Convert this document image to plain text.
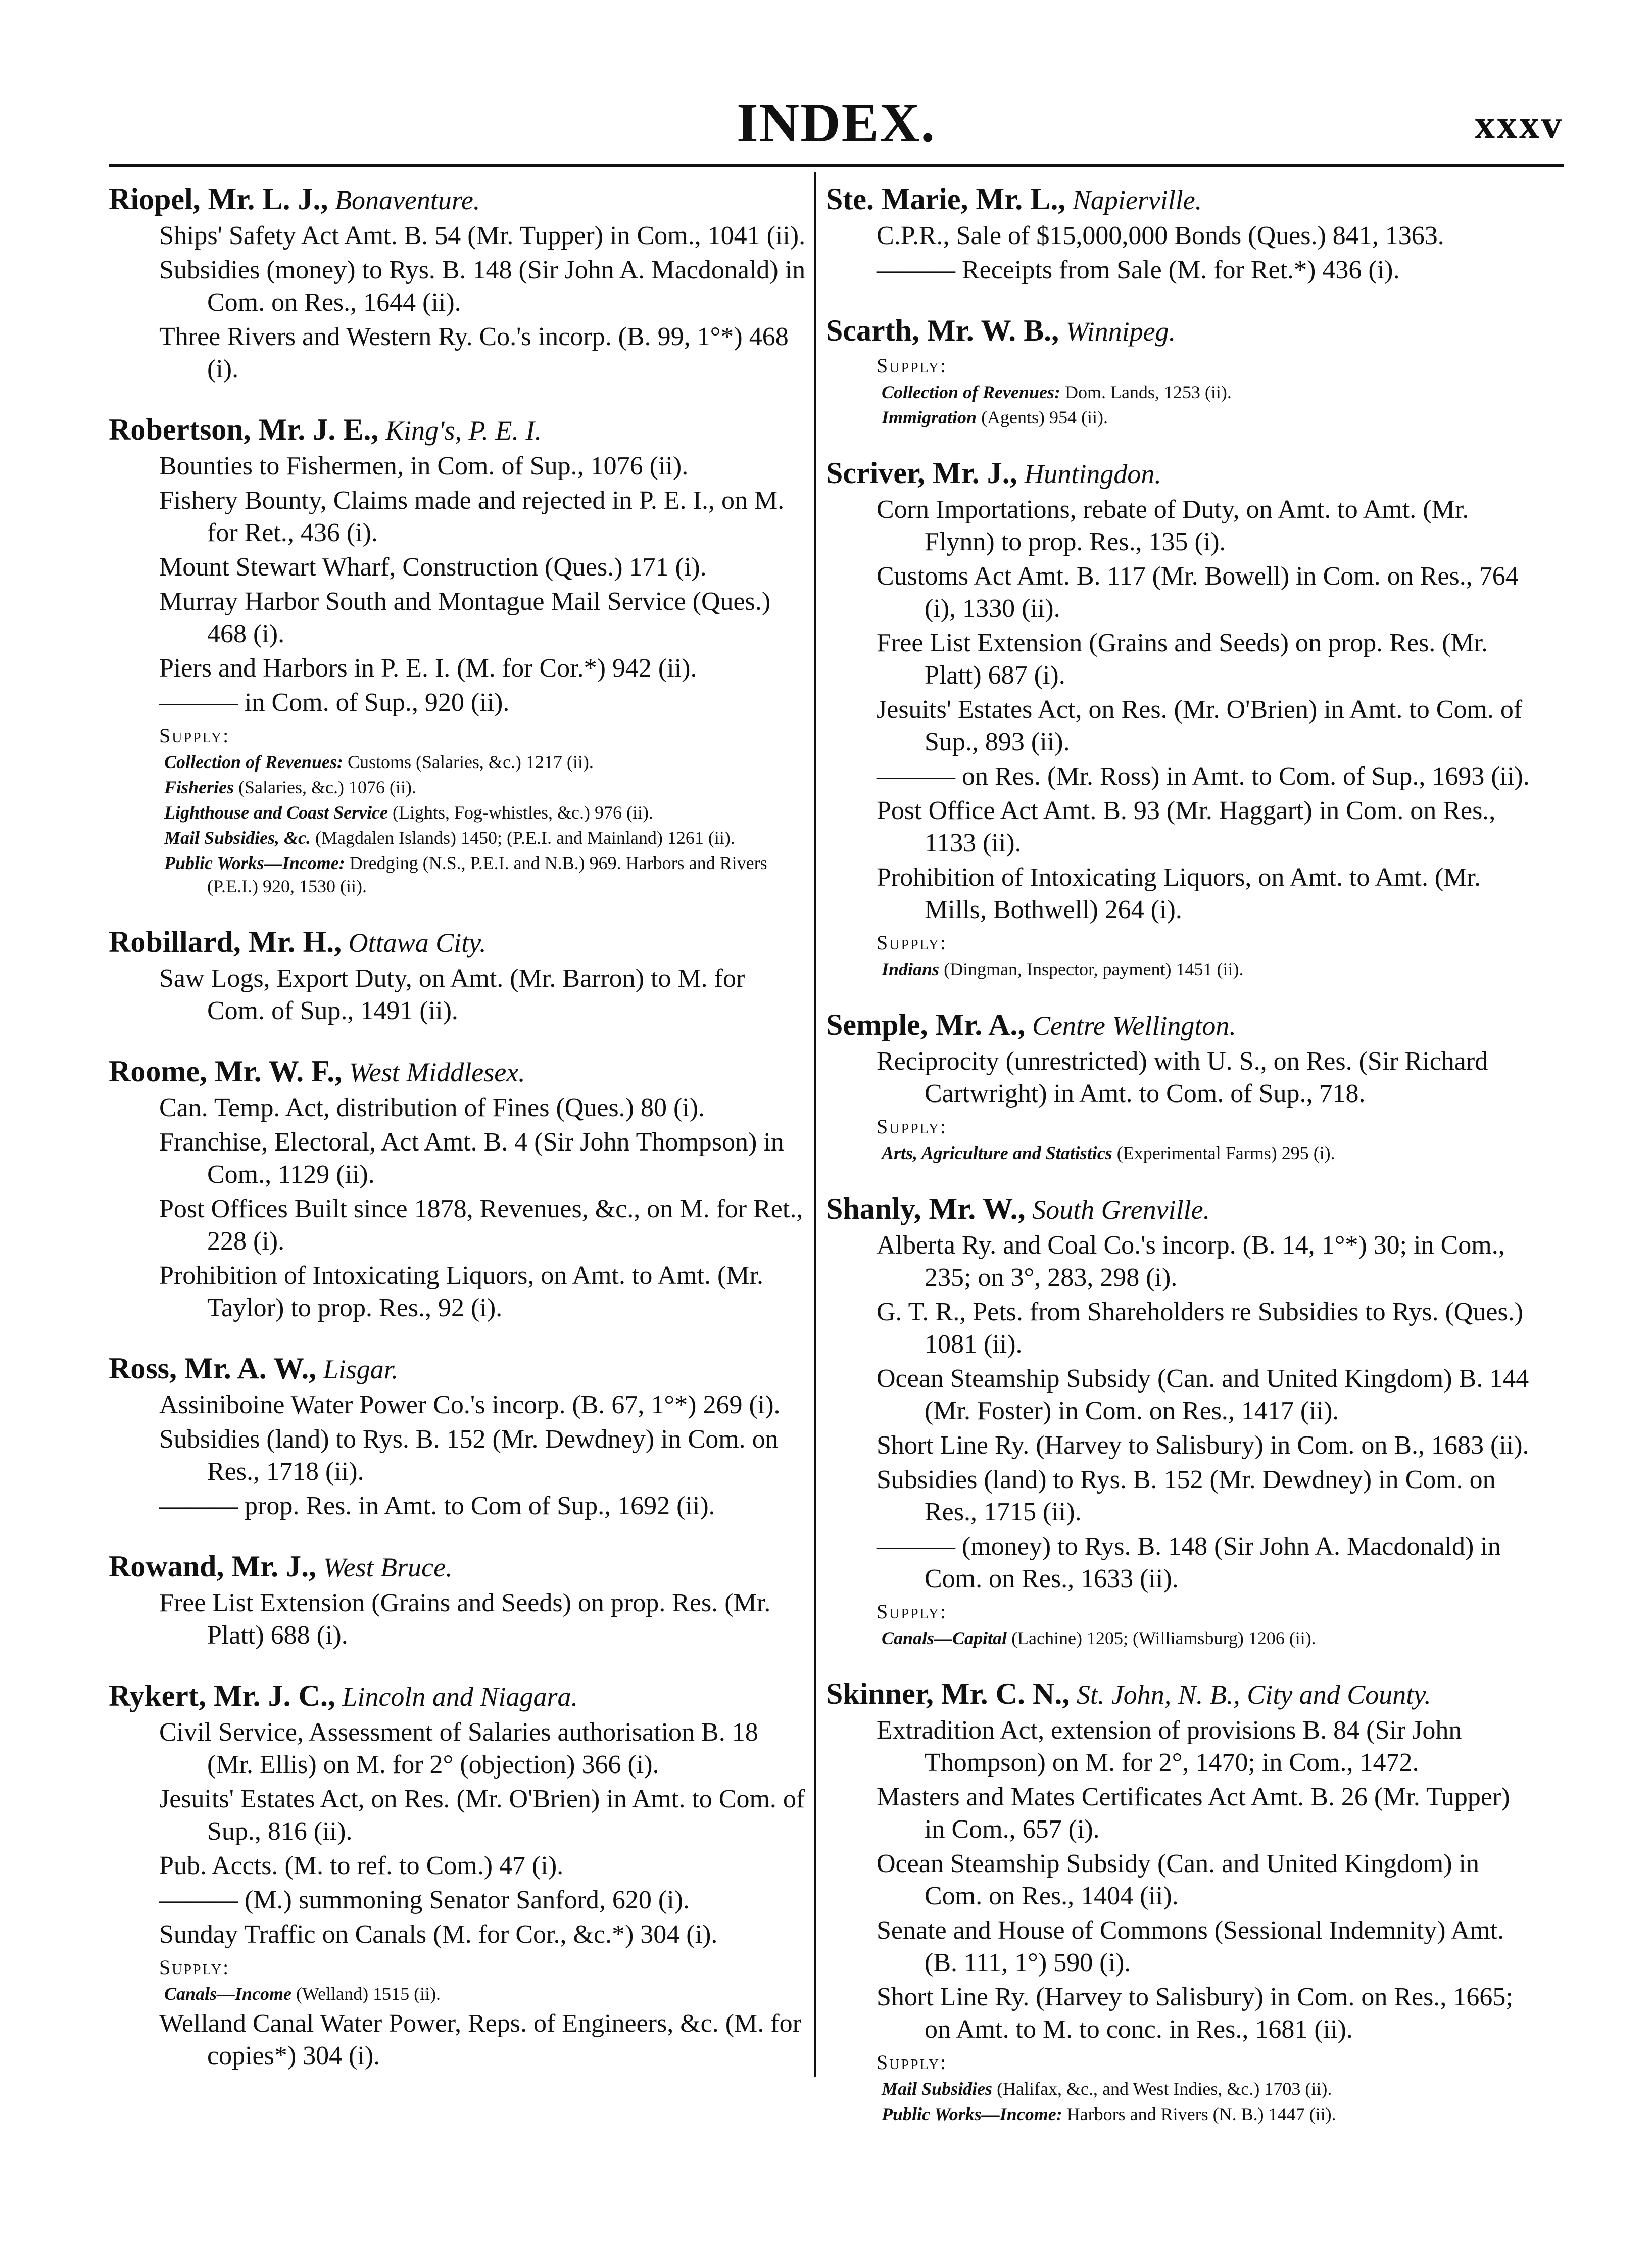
INDEX.	xxxv
Riopel, Mr. L. J., Bonaventure.
Ships' Safety Act Amt. B. 54 (Mr. Tupper) in Com., 1041 (ii).
Subsidies (money) to Rys. B. 148 (Sir John A. Macdonald) in Com. on Res., 1644 (ii).
Three Rivers and Western Ry. Co.'s incorp. (B. 99, 1°*) 468 (i).
Robertson, Mr. J. E., King's, P. E. I.
Bounties to Fishermen, in Com. of Sup., 1076 (ii).
Fishery Bounty, Claims made and rejected in P. E. I., on M. for Ret., 436 (i).
Mount Stewart Wharf, Construction (Ques.) 171 (i).
Murray Harbor South and Montague Mail Service (Ques.) 468 (i).
Piers and Harbors in P. E. I. (M. for Cor.*) 942 (ii).
——— in Com. of Sup., 920 (ii).
Supply:
Collection of Revenues: Customs (Salaries, &c.) 1217 (ii).
Fisheries (Salaries, &c.) 1076 (ii).
Lighthouse and Coast Service (Lights, Fog-whistles, &c.) 976 (ii).
Mail Subsidies, &c. (Magdalen Islands) 1450; (P.E.I. and Mainland) 1261 (ii).
Public Works—Income: Dredging (N.S., P.E.I. and N.B.) 969. Harbors and Rivers (P.E.I.) 920, 1530 (ii).
Robillard, Mr. H., Ottawa City.
Saw Logs, Export Duty, on Amt. (Mr. Barron) to M. for Com. of Sup., 1491 (ii).
Roome, Mr. W. F., West Middlesex.
Can. Temp. Act, distribution of Fines (Ques.) 80 (i).
Franchise, Electoral, Act Amt. B. 4 (Sir John Thompson) in Com., 1129 (ii).
Post Offices Built since 1878, Revenues, &c., on M. for Ret., 228 (i).
Prohibition of Intoxicating Liquors, on Amt. to Amt. (Mr. Taylor) to prop. Res., 92 (i).
Ross, Mr. A. W., Lisgar.
Assiniboine Water Power Co.'s incorp. (B. 67, 1°*) 269 (i).
Subsidies (land) to Rys. B. 152 (Mr. Dewdney) in Com. on Res., 1718 (ii).
——— prop. Res. in Amt. to Com of Sup., 1692 (ii).
Rowand, Mr. J., West Bruce.
Free List Extension (Grains and Seeds) on prop. Res. (Mr. Platt) 688 (i).
Rykert, Mr. J. C., Lincoln and Niagara.
Civil Service, Assessment of Salaries authorisation B. 18 (Mr. Ellis) on M. for 2° (objection) 366 (i).
Jesuits' Estates Act, on Res. (Mr. O'Brien) in Amt. to Com. of Sup., 816 (ii).
Pub. Accts. (M. to ref. to Com.) 47 (i).
——— (M.) summoning Senator Sanford, 620 (i).
Sunday Traffic on Canals (M. for Cor., &c.*) 304 (i).
Supply:
Canals—Income (Welland) 1515 (ii).
Welland Canal Water Power, Reps. of Engineers, &c. (M. for copies*) 304 (i).
Ste. Marie, Mr. L., Napierville.
C.P.R., Sale of $15,000,000 Bonds (Ques.) 841, 1363.
——— Receipts from Sale (M. for Ret.*) 436 (i).
Scarth, Mr. W. B., Winnipeg.
Supply:
Collection of Revenues: Dom. Lands, 1253 (ii).
Immigration (Agents) 954 (ii).
Scriver, Mr. J., Huntingdon.
Corn Importations, rebate of Duty, on Amt. to Amt. (Mr. Flynn) to prop. Res., 135 (i).
Customs Act Amt. B. 117 (Mr. Bowell) in Com. on Res., 764 (i), 1330 (ii).
Free List Extension (Grains and Seeds) on prop. Res. (Mr. Platt) 687 (i).
Jesuits' Estates Act, on Res. (Mr. O'Brien) in Amt. to Com. of Sup., 893 (ii).
——— on Res. (Mr. Ross) in Amt. to Com. of Sup., 1693 (ii).
Post Office Act Amt. B. 93 (Mr. Haggart) in Com. on Res., 1133 (ii).
Prohibition of Intoxicating Liquors, on Amt. to Amt. (Mr. Mills, Bothwell) 264 (i).
Supply:
Indians (Dingman, Inspector, payment) 1451 (ii).
Semple, Mr. A., Centre Wellington.
Reciprocity (unrestricted) with U. S., on Res. (Sir Richard Cartwright) in Amt. to Com. of Sup., 718.
Supply:
Arts, Agriculture and Statistics (Experimental Farms) 295 (i).
Shanly, Mr. W., South Grenville.
Alberta Ry. and Coal Co.'s incorp. (B. 14, 1°*) 30; in Com., 235; on 3°, 283, 298 (i).
G. T. R., Pets. from Shareholders re Subsidies to Rys. (Ques.) 1081 (ii).
Ocean Steamship Subsidy (Can. and United Kingdom) B. 144 (Mr. Foster) in Com. on Res., 1417 (ii).
Short Line Ry. (Harvey to Salisbury) in Com. on B., 1683 (ii).
Subsidies (land) to Rys. B. 152 (Mr. Dewdney) in Com. on Res., 1715 (ii).
——— (money) to Rys. B. 148 (Sir John A. Macdonald) in Com. on Res., 1633 (ii).
Supply:
Canals—Capital (Lachine) 1205; (Williamsburg) 1206 (ii).
Skinner, Mr. C. N., St. John, N. B., City and County.
Extradition Act, extension of provisions B. 84 (Sir John Thompson) on M. for 2°, 1470; in Com., 1472.
Masters and Mates Certificates Act Amt. B. 26 (Mr. Tupper) in Com., 657 (i).
Ocean Steamship Subsidy (Can. and United Kingdom) in Com. on Res., 1404 (ii).
Senate and House of Commons (Sessional Indemnity) Amt. (B. 111, 1°) 590 (i).
Short Line Ry. (Harvey to Salisbury) in Com. on Res., 1665; on Amt. to M. to conc. in Res., 1681 (ii).
Supply:
Mail Subsidies (Halifax, &c., and West Indies, &c.) 1703 (ii).
Public Works—Income: Harbors and Rivers (N. B.) 1447 (ii).
